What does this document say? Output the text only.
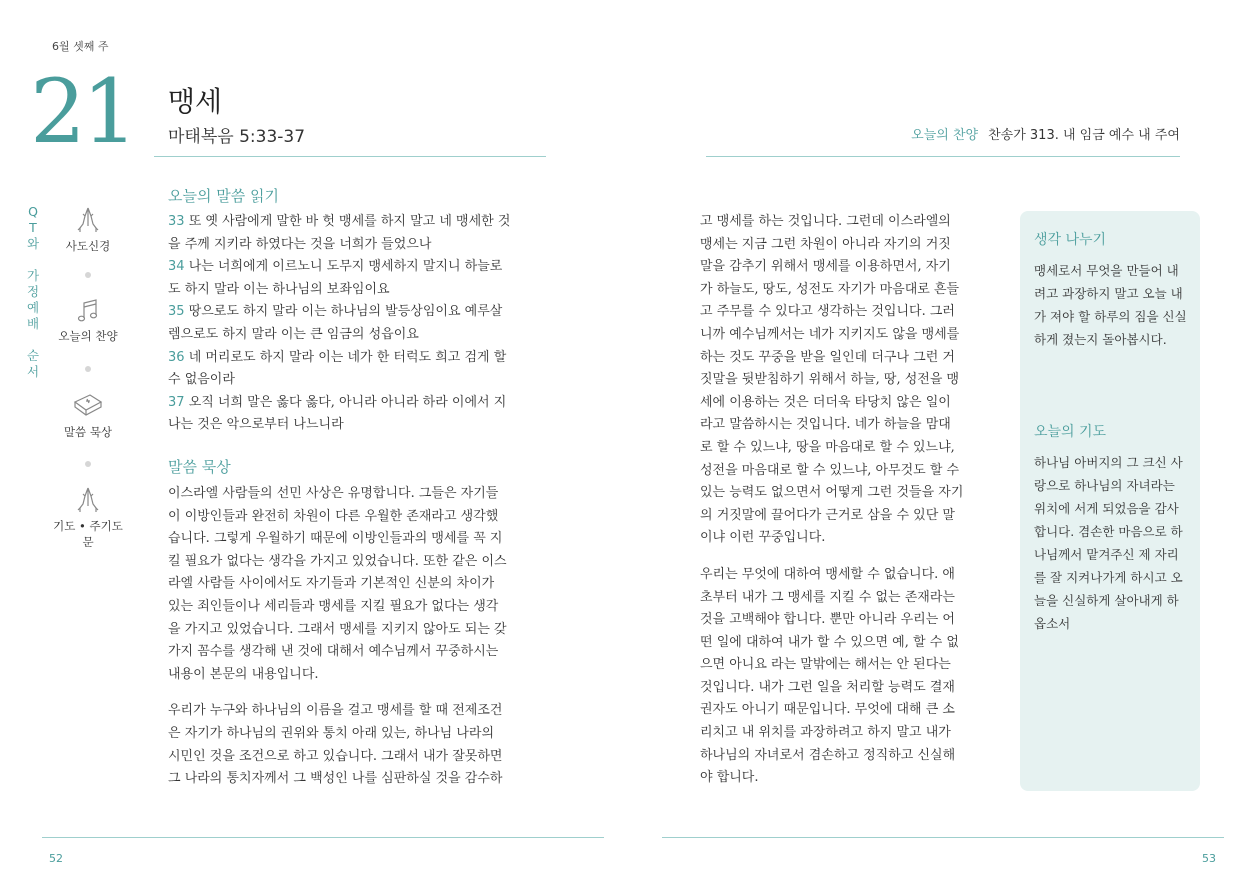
6월 셋째 주
21 맹세
마태복음 5:33-37	오늘의 찬양 찬송가 313. 내 임금 예수 내 주여
Q
T
와

가
정
예
배

순
서
사도신경
오늘의 찬양
말씀 묵상
기도 • 주기도문
오늘의 말씀 읽기
33 또 옛 사람에게 말한 바 헛 맹세를 하지 말고 네 맹세한 것
을 주께 지키라 하였다는 것을 너희가 들었으나
34 나는 너희에게 이르노니 도무지 맹세하지 말지니 하늘로
도 하지 말라 이는 하나님의 보좌임이요
35 땅으로도 하지 말라 이는 하나님의 발등상임이요 예루살
렘으로도 하지 말라 이는 큰 임금의 성읍이요
36 네 머리로도 하지 말라 이는 네가 한 터럭도 희고 검게 할
수 없음이라
37 오직 너희 말은 옳다 옳다, 아니라 아니라 하라 이에서 지
나는 것은 악으로부터 나느니라
말씀 묵상
이스라엘 사람들의 선민 사상은 유명합니다. 그들은 자기들
이 이방인들과 완전히 차원이 다른 우월한 존재라고 생각했
습니다. 그렇게 우월하기 때문에 이방인들과의 맹세를 꼭 지
킬 필요가 없다는 생각을 가지고 있었습니다. 또한 같은 이스
라엘 사람들 사이에서도 자기들과 기본적인 신분의 차이가
있는 죄인들이나 세리들과 맹세를 지킬 필요가 없다는 생각
을 가지고 있었습니다. 그래서 맹세를 지키지 않아도 되는 갖
가지 꼼수를 생각해 낸 것에 대해서 예수님께서 꾸중하시는
내용이 본문의 내용입니다.
우리가 누구와 하나님의 이름을 걸고 맹세를 할 때 전제조건
은 자기가 하나님의 권위와 통치 아래 있는, 하나님 나라의
시민인 것을 조건으로 하고 있습니다. 그래서 내가 잘못하면
그 나라의 통치자께서 그 백성인 나를 심판하실 것을 감수하
고 맹세를 하는 것입니다. 그런데 이스라엘의
맹세는 지금 그런 차원이 아니라 자기의 거짓
말을 감추기 위해서 맹세를 이용하면서, 자기
가 하늘도, 땅도, 성전도 자기가 마음대로 흔들
고 주무를 수 있다고 생각하는 것입니다. 그러
니까 예수님께서는 네가 지키지도 않을 맹세를
하는 것도 꾸중을 받을 일인데 더구나 그런 거
짓말을 뒷받침하기 위해서 하늘, 땅, 성전을 맹
세에 이용하는 것은 더더욱 타당치 않은 일이
라고 말씀하시는 것입니다. 네가 하늘을 맘대
로 할 수 있느냐, 땅을 마음대로 할 수 있느냐,
성전을 마음대로 할 수 있느냐, 아무것도 할 수
있는 능력도 없으면서 어떻게 그런 것들을 자기
의 거짓말에 끌어다가 근거로 삼을 수 있단 말
이냐 이런 꾸중입니다.
우리는 무엇에 대하여 맹세할 수 없습니다. 애
초부터 내가 그 맹세를 지킬 수 없는 존재라는
것을 고백해야 합니다. 뿐만 아니라 우리는 어
떤 일에 대하여 내가 할 수 있으면 예, 할 수 없
으면 아니요 라는 말밖에는 해서는 안 된다는
것입니다. 내가 그런 일을 처리할 능력도 결재
권자도 아니기 때문입니다. 무엇에 대해 큰 소
리치고 내 위치를 과장하려고 하지 말고 내가
하나님의 자녀로서 겸손하고 정직하고 신실해
야 합니다.
생각 나누기
맹세로서 무엇을 만들어 내
려고 과장하지 말고 오늘 내
가 져야 할 하루의 짐을 신실
하게 졌는지 돌아봅시다.
오늘의 기도
하나님 아버지의 그 크신 사
랑으로 하나님의 자녀라는
위치에 서게 되었음을 감사
합니다. 겸손한 마음으로 하
나님께서 맡겨주신 제 자리
를 잘 지켜나가게 하시고 오
늘을 신실하게 살아내게 하
옵소서
52	53
